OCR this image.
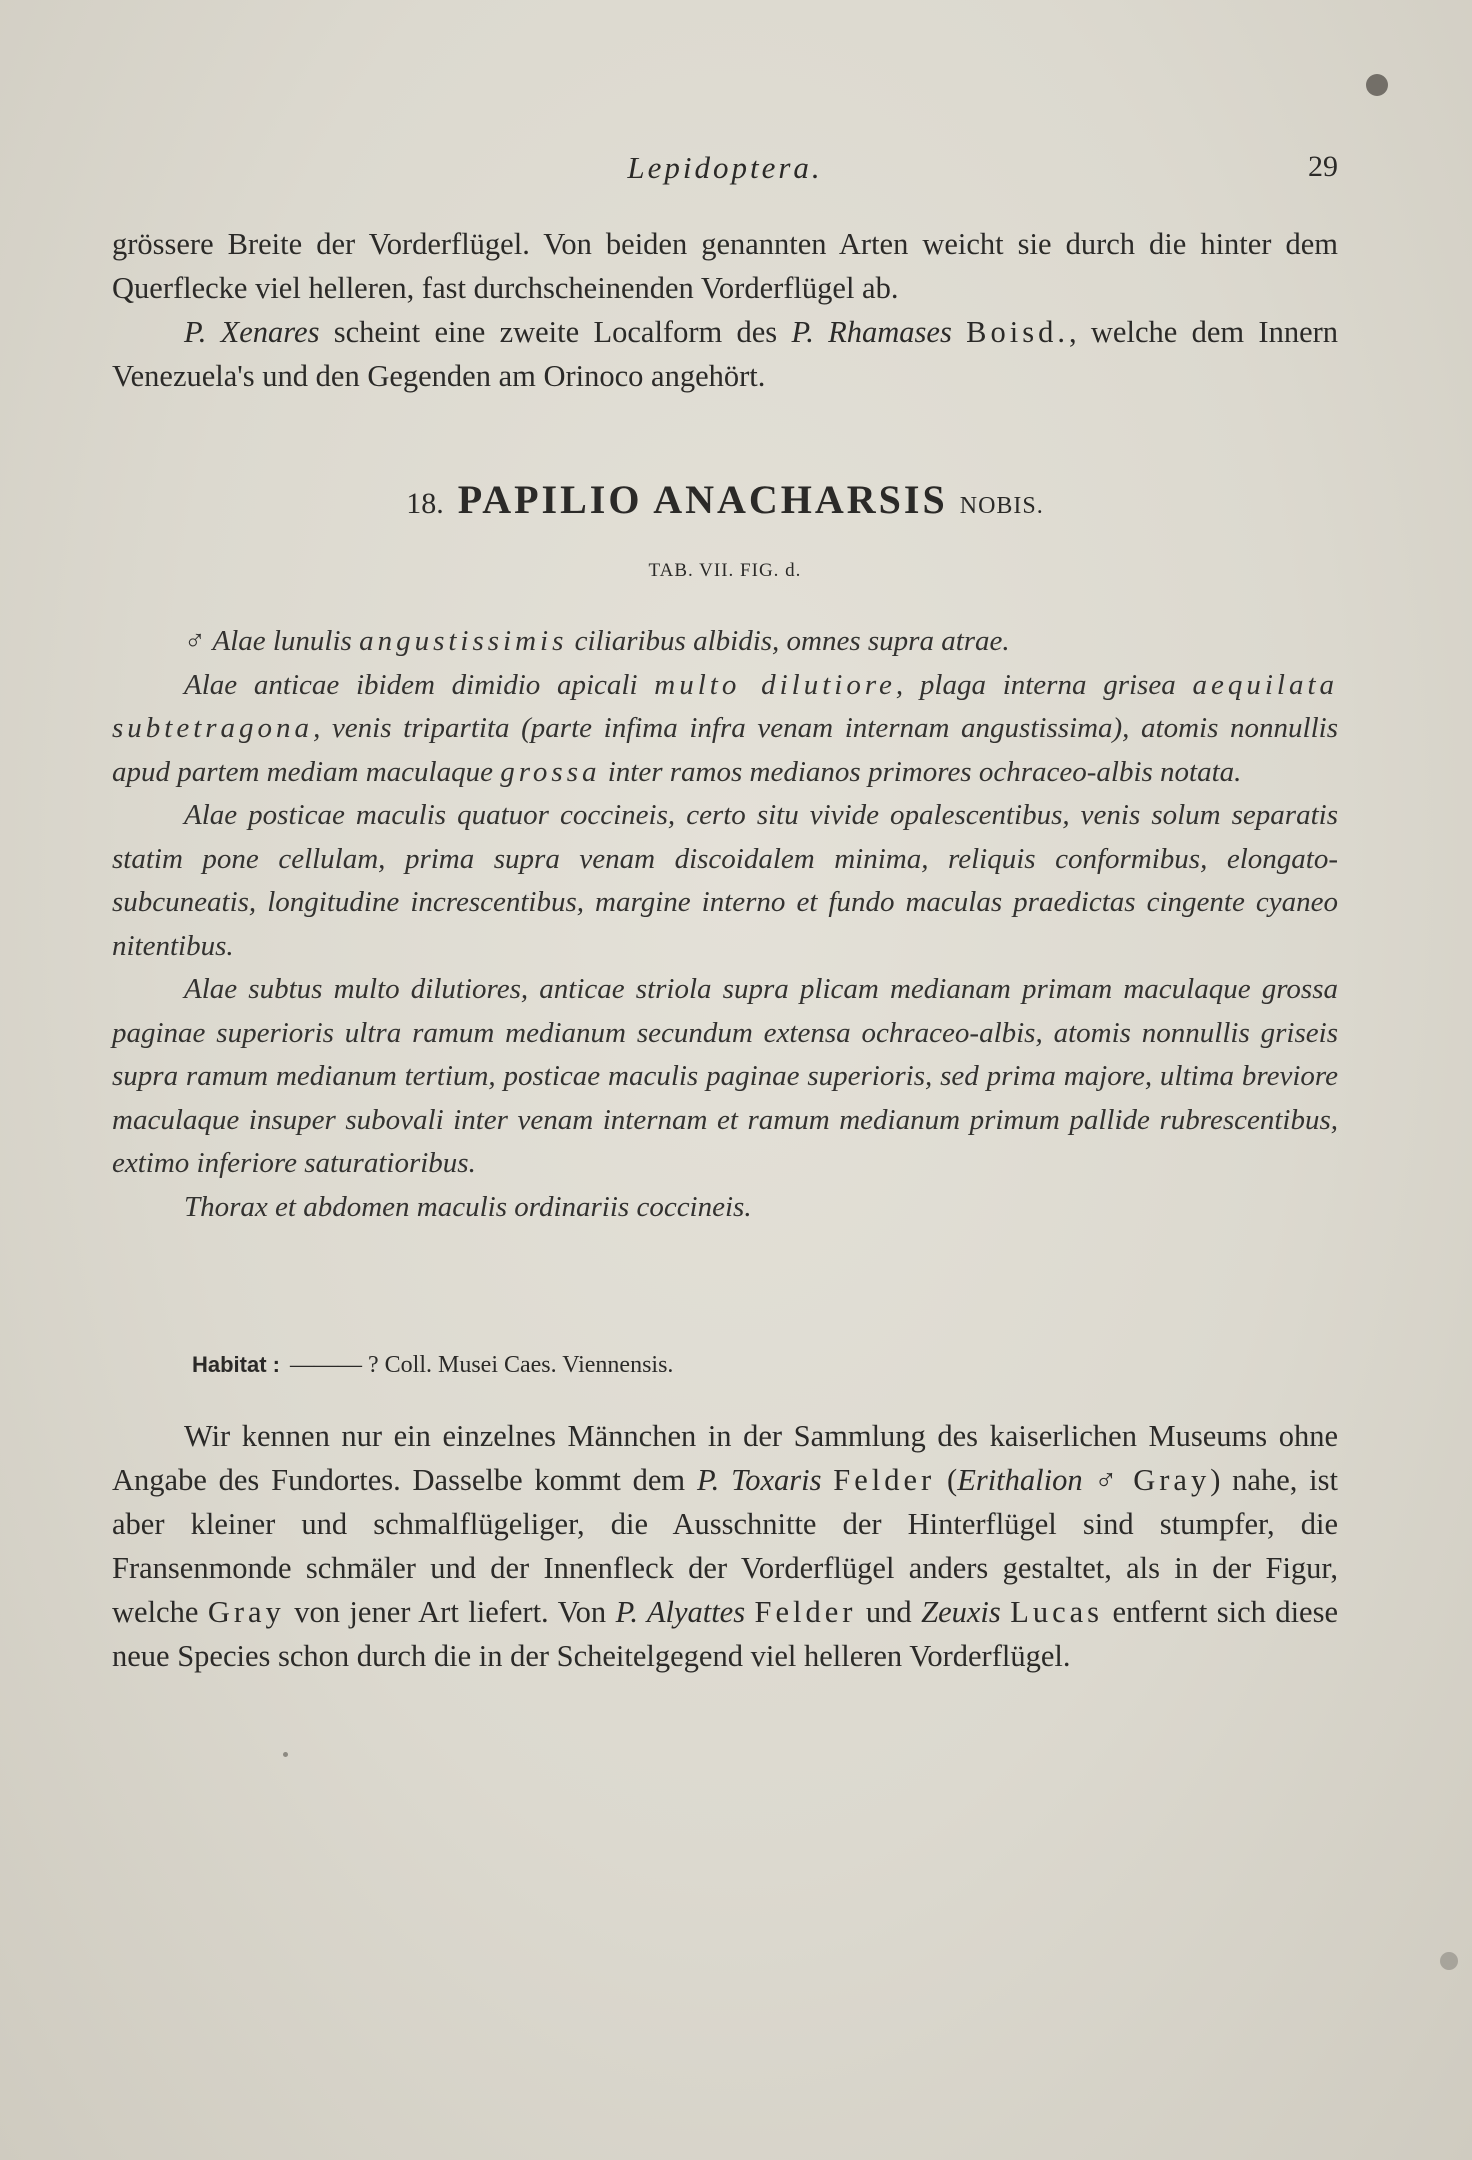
Lepidoptera.	29

grössere Breite der Vorderflügel. Von beiden genannten Arten weicht sie durch die hinter dem Querflecke viel helleren, fast durchscheinenden Vorderflügel ab.

P. Xenares scheint eine zweite Localform des P. Rhamases Boisd., welche dem Innern Venezuela's und den Gegenden am Orinoco angehört.

18. PAPILIO ANACHARSIS NOBIS.
TAB. VII. FIG. d.

♂ Alae lunulis angustissimis ciliaribus albidis, omnes supra atrae.

Alae anticae ibidem dimidio apicali multo dilutiore, plaga interna grisea aequilata subtetragona, venis tripartita (parte infima infra venam internam angustissima), atomis nonnullis apud partem mediam maculaque grossa inter ramos medianos primores ochraceo-albis notata.

Alae posticae maculis quatuor coccineis, certo situ vivide opalescentibus, venis solum separatis statim pone cellulam, prima supra venam discoidalem minima, reliquis conformibus, elongato-subcuneatis, longitudine increscentibus, margine interno et fundo maculas praedictas cingente cyaneo nitentibus.

Alae subtus multo dilutiores, anticae striola supra plicam medianam primam maculaque grossa paginae superioris ultra ramum medianum secundum extensa ochraceo-albis, atomis nonnullis griseis supra ramum medianum tertium, posticae maculis paginae superioris, sed prima majore, ultima breviore maculaque insuper subovali inter venam internam et ramum medianum primum pallide rubrescentibus, extimo inferiore saturatioribus.

Thorax et abdomen maculis ordinariis coccineis.

Habitat : ——— ? Coll. Musei Caes. Viennensis.

Wir kennen nur ein einzelnes Männchen in der Sammlung des kaiserlichen Museums ohne Angabe des Fundortes. Dasselbe kommt dem P. Toxaris Felder (Erithalion ♂ Gray) nahe, ist aber kleiner und schmalflügeliger, die Ausschnitte der Hinterflügel sind stumpfer, die Fransenmonde schmäler und der Innenfleck der Vorderflügel anders gestaltet, als in der Figur, welche Gray von jener Art liefert. Von P. Alyattes Felder und Zeuxis Lucas entfernt sich diese neue Species schon durch die in der Scheitelgegend viel helleren Vorderflügel.
